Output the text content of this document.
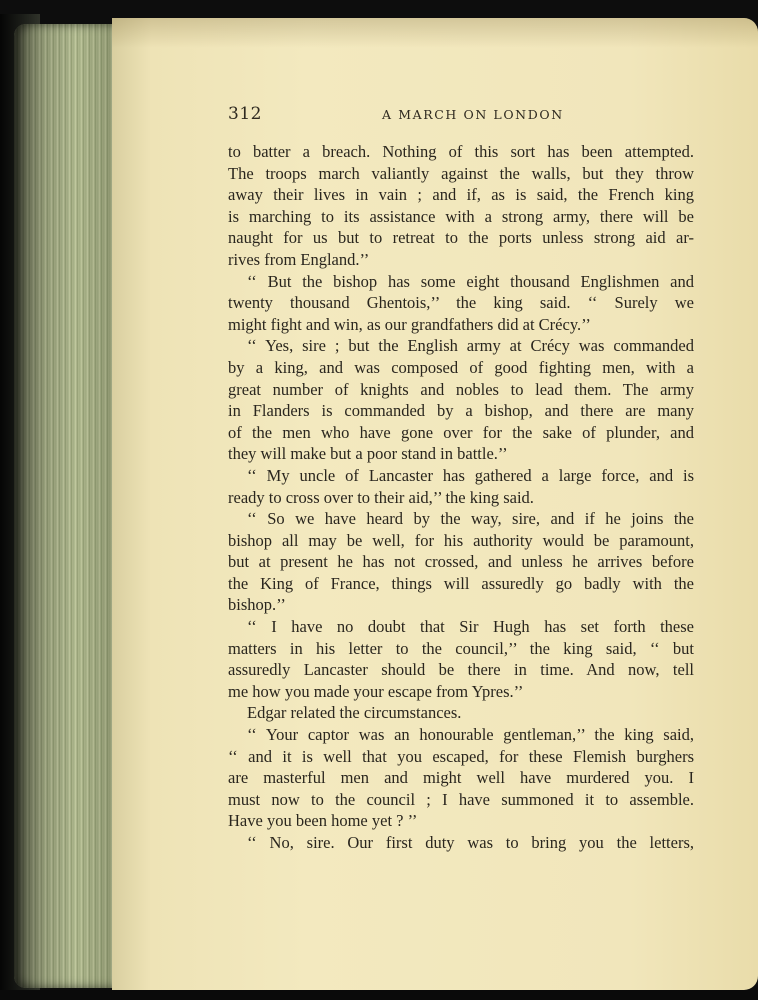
312	A MARCH ON LONDON
to batter a breach. Nothing of this sort has been attempted.
The troops march valiantly against the walls, but they throw
away their lives in vain ; and if, as is said, the French king
is marching to its assistance with a strong army, there will be
naught for us but to retreat to the ports unless strong aid ar-
rives from England.’’
‘‘ But the bishop has some eight thousand Englishmen and
twenty thousand Ghentois,’’ the king said. ‘‘ Surely we
might fight and win, as our grandfathers did at Crécy.’’
‘‘ Yes, sire ; but the English army at Crécy was commanded
by a king, and was composed of good fighting men, with a
great number of knights and nobles to lead them. The army
in Flanders is commanded by a bishop, and there are many
of the men who have gone over for the sake of plunder, and
they will make but a poor stand in battle.’’
‘‘ My uncle of Lancaster has gathered a large force, and is
ready to cross over to their aid,’’ the king said.
‘‘ So we have heard by the way, sire, and if he joins the
bishop all may be well, for his authority would be paramount,
but at present he has not crossed, and unless he arrives before
the King of France, things will assuredly go badly with the
bishop.’’
‘‘ I have no doubt that Sir Hugh has set forth these
matters in his letter to the council,’’ the king said, ‘‘ but
assuredly Lancaster should be there in time. And now, tell
me how you made your escape from Ypres.’’
Edgar related the circumstances.
‘‘ Your captor was an honourable gentleman,’’ the king said,
‘‘ and it is well that you escaped, for these Flemish burghers
are masterful men and might well have murdered you. I
must now to the council ; I have summoned it to assemble.
Have you been home yet ? ’’
‘‘ No, sire. Our first duty was to bring you the letters,
